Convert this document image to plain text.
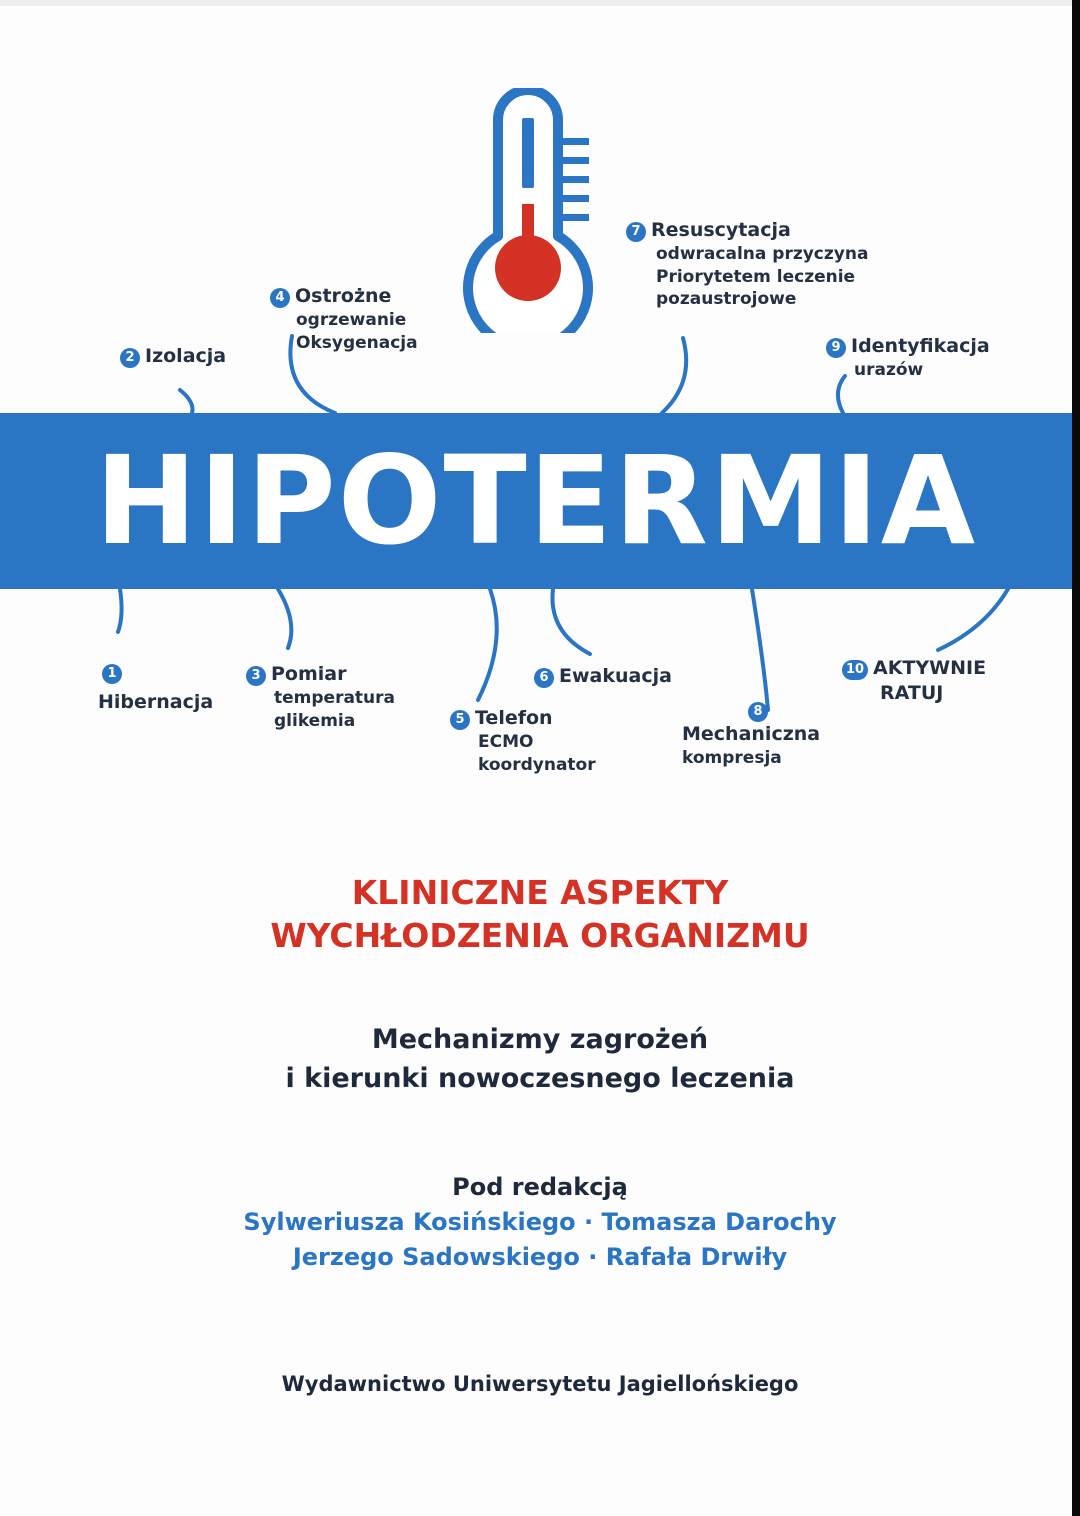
2 Izolacja
4 Ostrożne
ogrzewanie
Oksygenacja
7 Resuscytacja
odwracalna przyczyna
Priorytetem leczenie
pozaustrojowe
9 Identyfikacja
urazów
HIPOTERMIA
1
Hibernacja
3 Pomiar
temperatura
glikemia	5 Telefon
ECMO
koordynator
6 Ewakuacja
8
Mechaniczna
kompresja
10 AKTYWNIE
RATUJ
KLINICZNE ASPEKTY
WYCHŁODZENIA ORGANIZMU
Mechanizmy zagrożeń
i kierunki nowoczesnego leczenia
Pod redakcją
Sylweriusza Kosińskiego · Tomasza Darochy
Jerzego Sadowskiego · Rafała Drwiły
Wydawnictwo Uniwersytetu Jagiellońskiego
